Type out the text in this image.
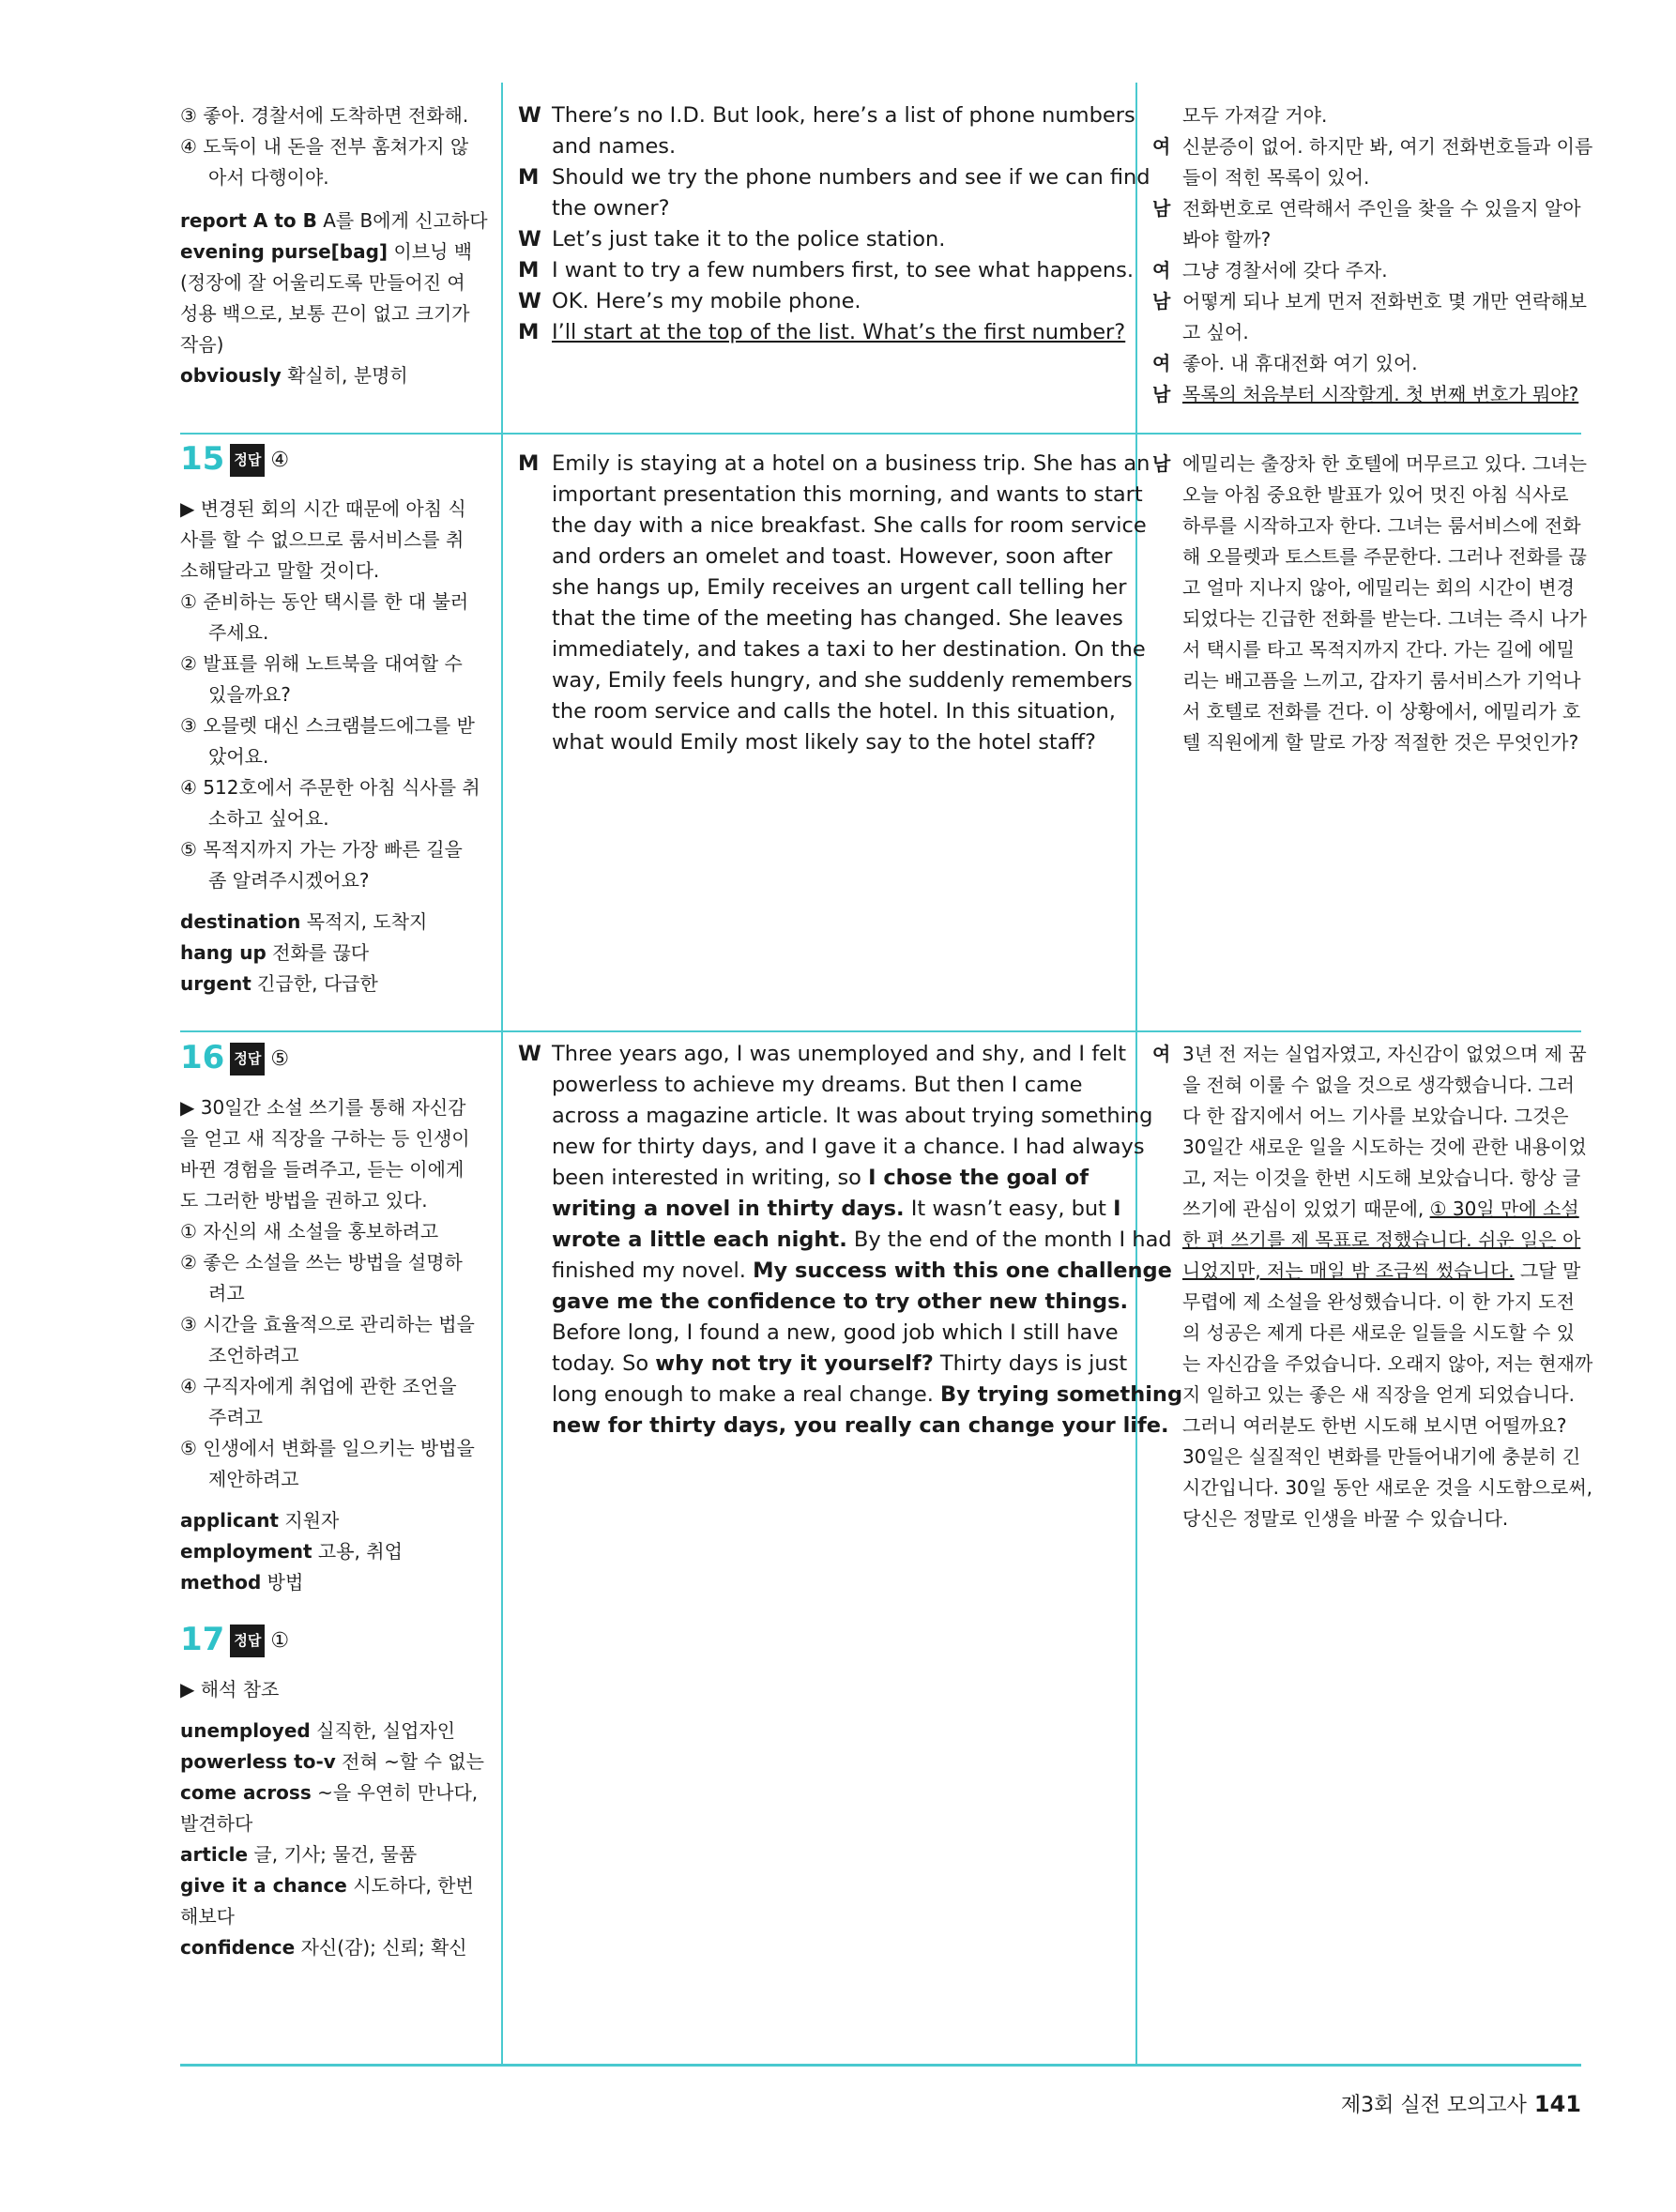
③ 좋아. 경찰서에 도착하면 전화해.
④ 도둑이 내 돈을 전부 훔쳐가지 않
아서 다행이야.
report A to B A를 B에게 신고하다
evening purse[bag] 이브닝 백
(정장에 잘 어울리도록 만들어진 여
성용 백으로, 보통 끈이 없고 크기가
작음)
obviously 확실히, 분명히
W There’s no I.D. But look, here’s a list of phone numbers
and names.
M Should we try the phone numbers and see if we can find
the owner?
W Let’s just take it to the police station.
M I want to try a few numbers first, to see what happens.
W OK. Here’s my mobile phone.
M I’ll start at the top of the list. What’s the first number?
모두 가져갈 거야.
여 신분증이 없어. 하지만 봐, 여기 전화번호들과 이름
들이 적힌 목록이 있어.
남 전화번호로 연락해서 주인을 찾을 수 있을지 알아
봐야 할까?
여 그냥 경찰서에 갖다 주자.
남 어떻게 되나 보게 먼저 전화번호 몇 개만 연락해보
고 싶어.
여 좋아. 내 휴대전화 여기 있어.
남 목록의 처음부터 시작할게. 첫 번째 번호가 뭐야?
15 정답 ④
▶ 변경된 회의 시간 때문에 아침 식
사를 할 수 없으므로 룸서비스를 취
소해달라고 말할 것이다.
① 준비하는 동안 택시를 한 대 불러
주세요.
② 발표를 위해 노트북을 대여할 수
있을까요?
③ 오믈렛 대신 스크램블드에그를 받
았어요.
④ 512호에서 주문한 아침 식사를 취
소하고 싶어요.
⑤ 목적지까지 가는 가장 빠른 길을
좀 알려주시겠어요?
destination 목적지, 도착지
hang up 전화를 끊다
urgent 긴급한, 다급한
M Emily is staying at a hotel on a business trip. She has an
important presentation this morning, and wants to start
the day with a nice breakfast. She calls for room service
and orders an omelet and toast. However, soon after
she hangs up, Emily receives an urgent call telling her
that the time of the meeting has changed. She leaves
immediately, and takes a taxi to her destination. On the
way, Emily feels hungry, and she suddenly remembers
the room service and calls the hotel. In this situation,
what would Emily most likely say to the hotel staff?
남 에밀리는 출장차 한 호텔에 머무르고 있다. 그녀는
오늘 아침 중요한 발표가 있어 멋진 아침 식사로
하루를 시작하고자 한다. 그녀는 룸서비스에 전화
해 오믈렛과 토스트를 주문한다. 그러나 전화를 끊
고 얼마 지나지 않아, 에밀리는 회의 시간이 변경
되었다는 긴급한 전화를 받는다. 그녀는 즉시 나가
서 택시를 타고 목적지까지 간다. 가는 길에 에밀
리는 배고픔을 느끼고, 갑자기 룸서비스가 기억나
서 호텔로 전화를 건다. 이 상황에서, 에밀리가 호
텔 직원에게 할 말로 가장 적절한 것은 무엇인가?
16 정답 ⑤
▶ 30일간 소설 쓰기를 통해 자신감
을 얻고 새 직장을 구하는 등 인생이
바뀐 경험을 들려주고, 듣는 이에게
도 그러한 방법을 권하고 있다.
① 자신의 새 소설을 홍보하려고
② 좋은 소설을 쓰는 방법을 설명하
려고
③ 시간을 효율적으로 관리하는 법을
조언하려고
④ 구직자에게 취업에 관한 조언을
주려고
⑤ 인생에서 변화를 일으키는 방법을
제안하려고
applicant 지원자
employment 고용, 취업
method 방법
17 정답 ①
▶ 해석 참조
unemployed 실직한, 실업자인
powerless to-v 전혀 ~할 수 없는
come across ~을 우연히 만나다,
발견하다
article 글, 기사; 물건, 물품
give it a chance 시도하다, 한번
해보다
confidence 자신(감); 신뢰; 확신
W Three years ago, I was unemployed and shy, and I felt
powerless to achieve my dreams. But then I came
across a magazine article. It was about trying something
new for thirty days, and I gave it a chance. I had always
been interested in writing, so I chose the goal of
writing a novel in thirty days. It wasn’t easy, but I
wrote a little each night. By the end of the month I had
finished my novel. My success with this one challenge
gave me the confidence to try other new things.
Before long, I found a new, good job which I still have
today. So why not try it yourself? Thirty days is just
long enough to make a real change. By trying something
new for thirty days, you really can change your life.
여 3년 전 저는 실업자였고, 자신감이 없었으며 제 꿈
을 전혀 이룰 수 없을 것으로 생각했습니다. 그러
다 한 잡지에서 어느 기사를 보았습니다. 그것은
30일간 새로운 일을 시도하는 것에 관한 내용이었
고, 저는 이것을 한번 시도해 보았습니다. 항상 글
쓰기에 관심이 있었기 때문에, ① 30일 만에 소설
한 편 쓰기를 제 목표로 정했습니다. 쉬운 일은 아
니었지만, 저는 매일 밤 조금씩 썼습니다. 그달 말
무렵에 제 소설을 완성했습니다. 이 한 가지 도전
의 성공은 제게 다른 새로운 일들을 시도할 수 있
는 자신감을 주었습니다. 오래지 않아, 저는 현재까
지 일하고 있는 좋은 새 직장을 얻게 되었습니다.
그러니 여러분도 한번 시도해 보시면 어떨까요?
30일은 실질적인 변화를 만들어내기에 충분히 긴
시간입니다. 30일 동안 새로운 것을 시도함으로써,
당신은 정말로 인생을 바꿀 수 있습니다.
제3회 실전 모의고사 141
